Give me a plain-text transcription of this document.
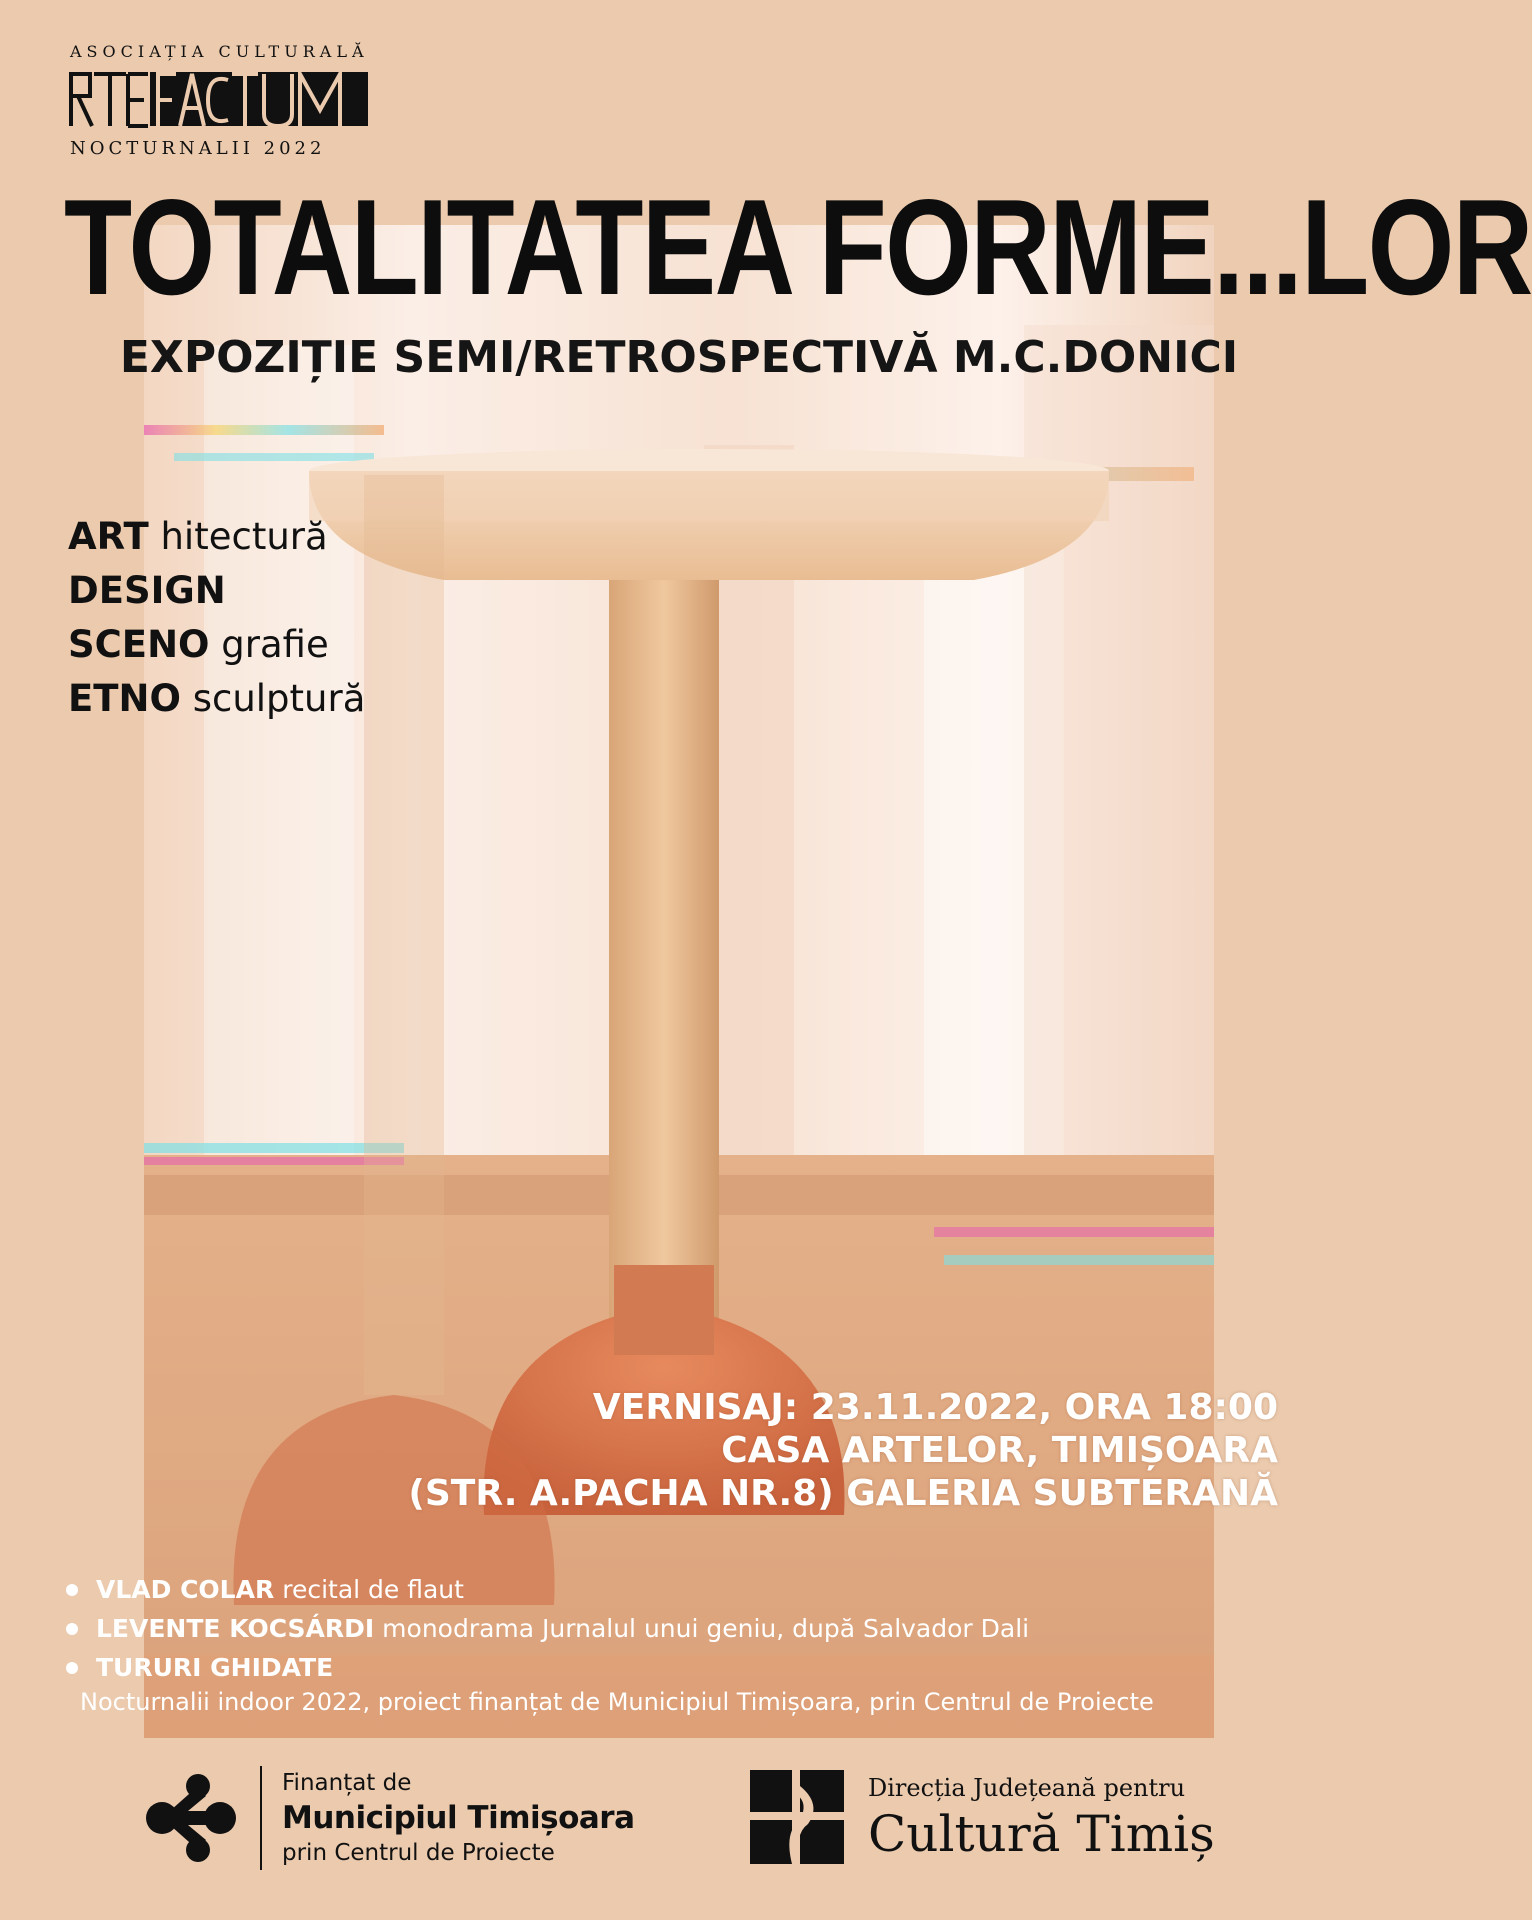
ASOCIAȚIA CULTURALĂ
NOCTURNALII 2022
TOTALITATEA FORME...LOR
EXPOZIȚIE SEMI/RETROSPECTIVĂ M.C.DONICI
ART hitectură
DESIGN
SCENO grafie
ETNO sculptură
VERNISAJ: 23.11.2022, ORA 18:00
CASA ARTELOR, TIMIȘOARA
(STR. A.PACHA NR.8) GALERIA SUBTERANĂ
VLAD COLAR recital de flaut
LEVENTE KOCSÁRDI monodrama Jurnalul unui geniu, după Salvador Dali
TURURI GHIDATE
Nocturnalii indoor 2022, proiect finanțat de Municipiul Timișoara, prin Centrul de Proiecte
Finanțat de
Municipiul Timișoara
prin Centrul de Proiecte
Direcția Județeană pentru
Cultură Timiș
